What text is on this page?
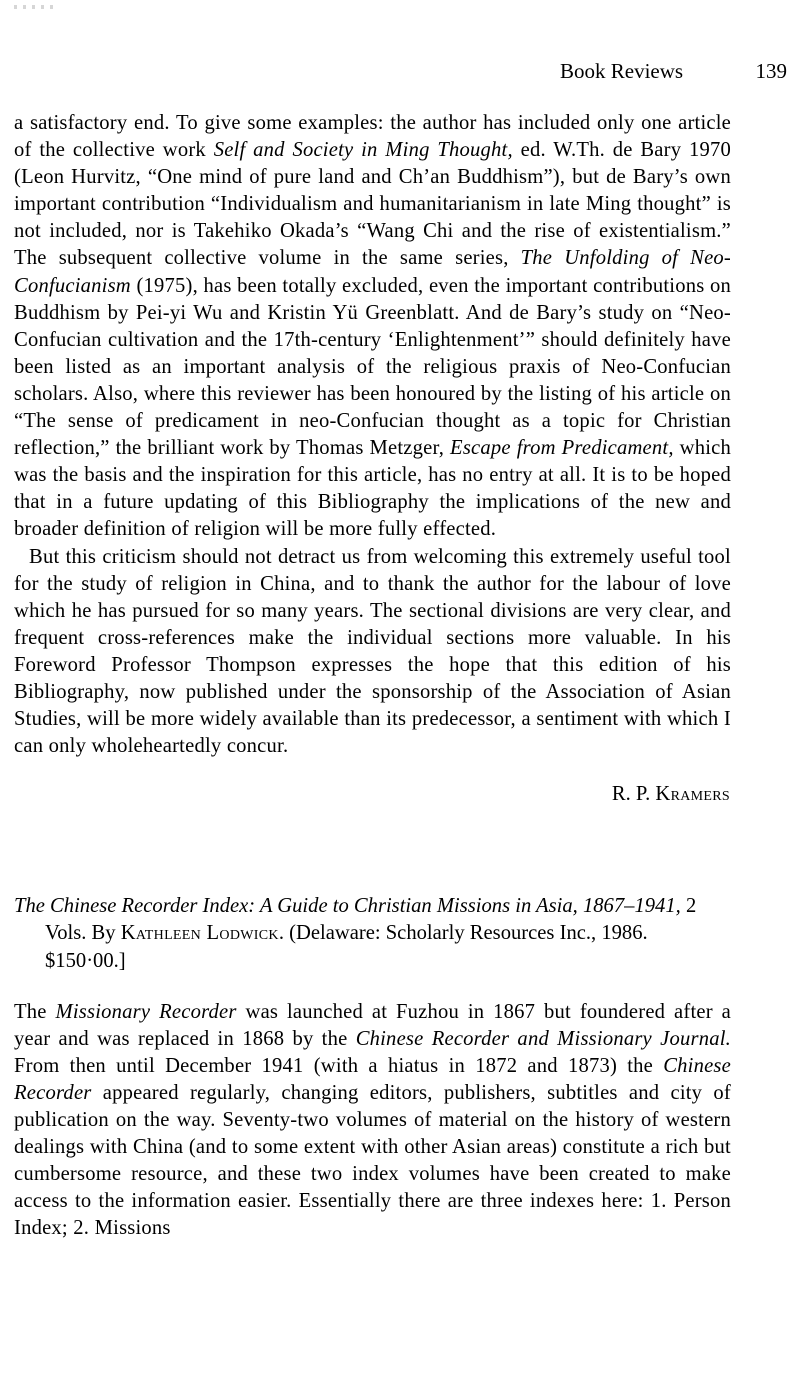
Book Reviews	139

a satisfactory end. To give some examples: the author has included only one article of the collective work Self and Society in Ming Thought, ed. W.Th. de Bary 1970 (Leon Hurvitz, “One mind of pure land and Ch’an Buddhism”), but de Bary’s own important contribution “Individualism and humanitarianism in late Ming thought” is not included, nor is Takehiko Okada’s “Wang Chi and the rise of existentialism.” The subsequent collective volume in the same series, The Unfolding of Neo-Confucianism (1975), has been totally excluded, even the important contributions on Buddhism by Pei-yi Wu and Kristin Yü Greenblatt. And de Bary’s study on “Neo-Confucian cultivation and the 17th-century ‘Enlightenment’” should definitely have been listed as an important analysis of the religious praxis of Neo-Confucian scholars. Also, where this reviewer has been honoured by the listing of his article on “The sense of predicament in neo-Confucian thought as a topic for Christian reflection,” the brilliant work by Thomas Metzger, Escape from Predicament, which was the basis and the inspiration for this article, has no entry at all. It is to be hoped that in a future updating of this Bibliography the implications of the new and broader definition of religion will be more fully effected.

But this criticism should not detract us from welcoming this extremely useful tool for the study of religion in China, and to thank the author for the labour of love which he has pursued for so many years. The sectional divisions are very clear, and frequent cross-references make the individual sections more valuable. In his Foreword Professor Thompson expresses the hope that this edition of his Bibliography, now published under the sponsorship of the Association of Asian Studies, will be more widely available than its predecessor, a sentiment with which I can only wholeheartedly concur.

R. P. Kramers

The Chinese Recorder Index: A Guide to Christian Missions in Asia, 1867–1941, 2 Vols. By Kathleen Lodwick. (Delaware: Scholarly Resources Inc., 1986. $150·00.]

The Missionary Recorder was launched at Fuzhou in 1867 but foundered after a year and was replaced in 1868 by the Chinese Recorder and Missionary Journal. From then until December 1941 (with a hiatus in 1872 and 1873) the Chinese Recorder appeared regularly, changing editors, publishers, subtitles and city of publication on the way. Seventy-two volumes of material on the history of western dealings with China (and to some extent with other Asian areas) constitute a rich but cumbersome resource, and these two index volumes have been created to make access to the information easier. Essentially there are three indexes here: 1. Person Index; 2. Missions
